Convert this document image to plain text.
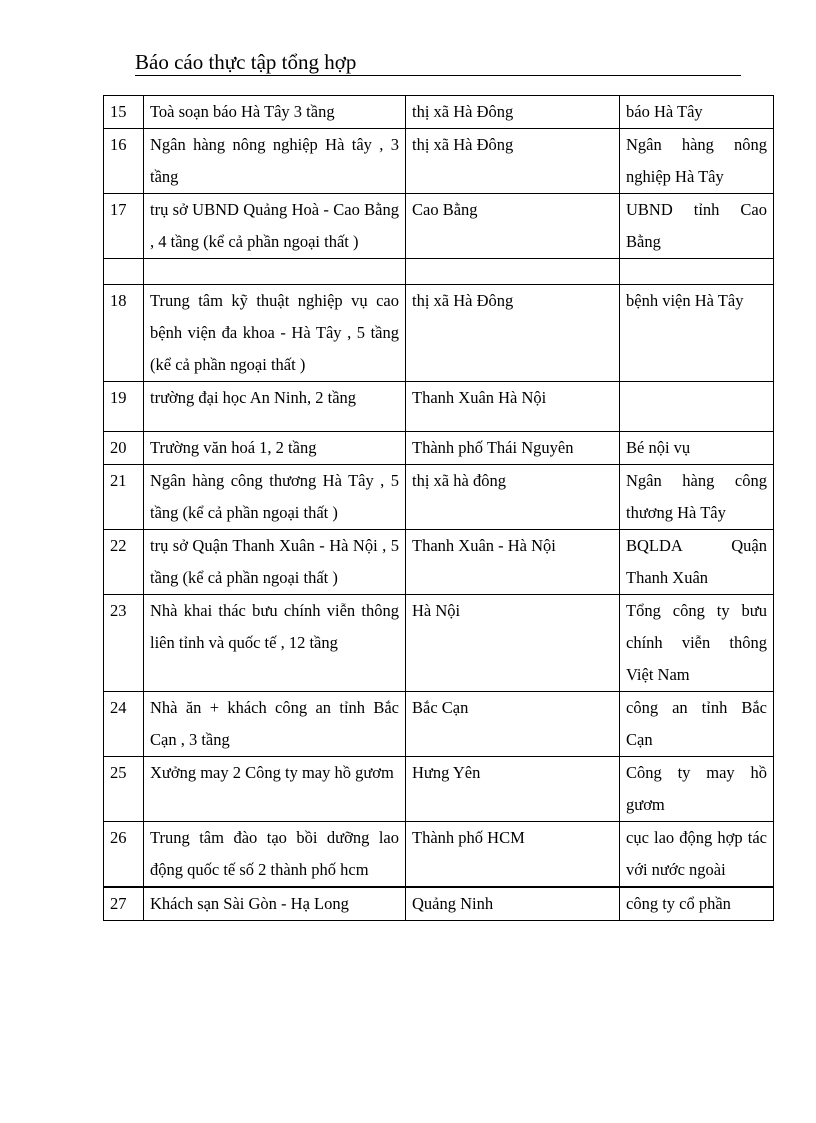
Báo cáo thực tập tổng hợp
15	Toà soạn báo Hà Tây 3 tầng	thị xã Hà Đông	báo Hà Tây
16	Ngân hàng nông nghiệp Hà tây , 3 tầng	thị xã Hà Đông	Ngân hàng nông nghiệp Hà Tây
17	trụ sở UBND Quảng Hoà - Cao Bằng , 4 tầng (kể cả phần ngoại thất )	Cao Bằng	UBND tỉnh Cao Bằng

18	Trung tâm kỹ thuật nghiệp vụ cao bệnh viện đa khoa - Hà Tây , 5 tầng (kể cả phần ngoại thất )	thị xã Hà Đông	bệnh viện Hà Tây
19	trường đại học An Ninh, 2 tầng	Thanh Xuân Hà Nội	
20	Trường văn hoá 1, 2 tầng	Thành phố Thái Nguyên	Bé nội vụ
21	Ngân hàng công thương Hà Tây , 5 tầng (kể cả phần ngoại thất )	thị xã hà đông	Ngân hàng công thương Hà Tây
22	trụ sở Quận Thanh Xuân - Hà Nội , 5 tầng (kể cả phần ngoại thất )	Thanh Xuân - Hà Nội	BQLDA Quận Thanh Xuân
23	Nhà khai thác bưu chính viễn thông liên tỉnh và quốc tế , 12 tầng	Hà Nội	Tổng công ty bưu chính viễn thông Việt Nam
24	Nhà ăn + khách công an tỉnh Bắc Cạn , 3 tầng	Bắc Cạn	công an tỉnh Bắc Cạn
25	Xưởng may 2 Công ty may hồ gươm	Hưng Yên	Công ty may hồ gươm
26	Trung tâm đào tạo bồi dưỡng lao động quốc tế số 2 thành phố hcm	Thành phố HCM	cục lao động hợp tác với nước ngoài
27	Khách sạn Sài Gòn - Hạ Long	Quảng Ninh	công ty cổ phần
